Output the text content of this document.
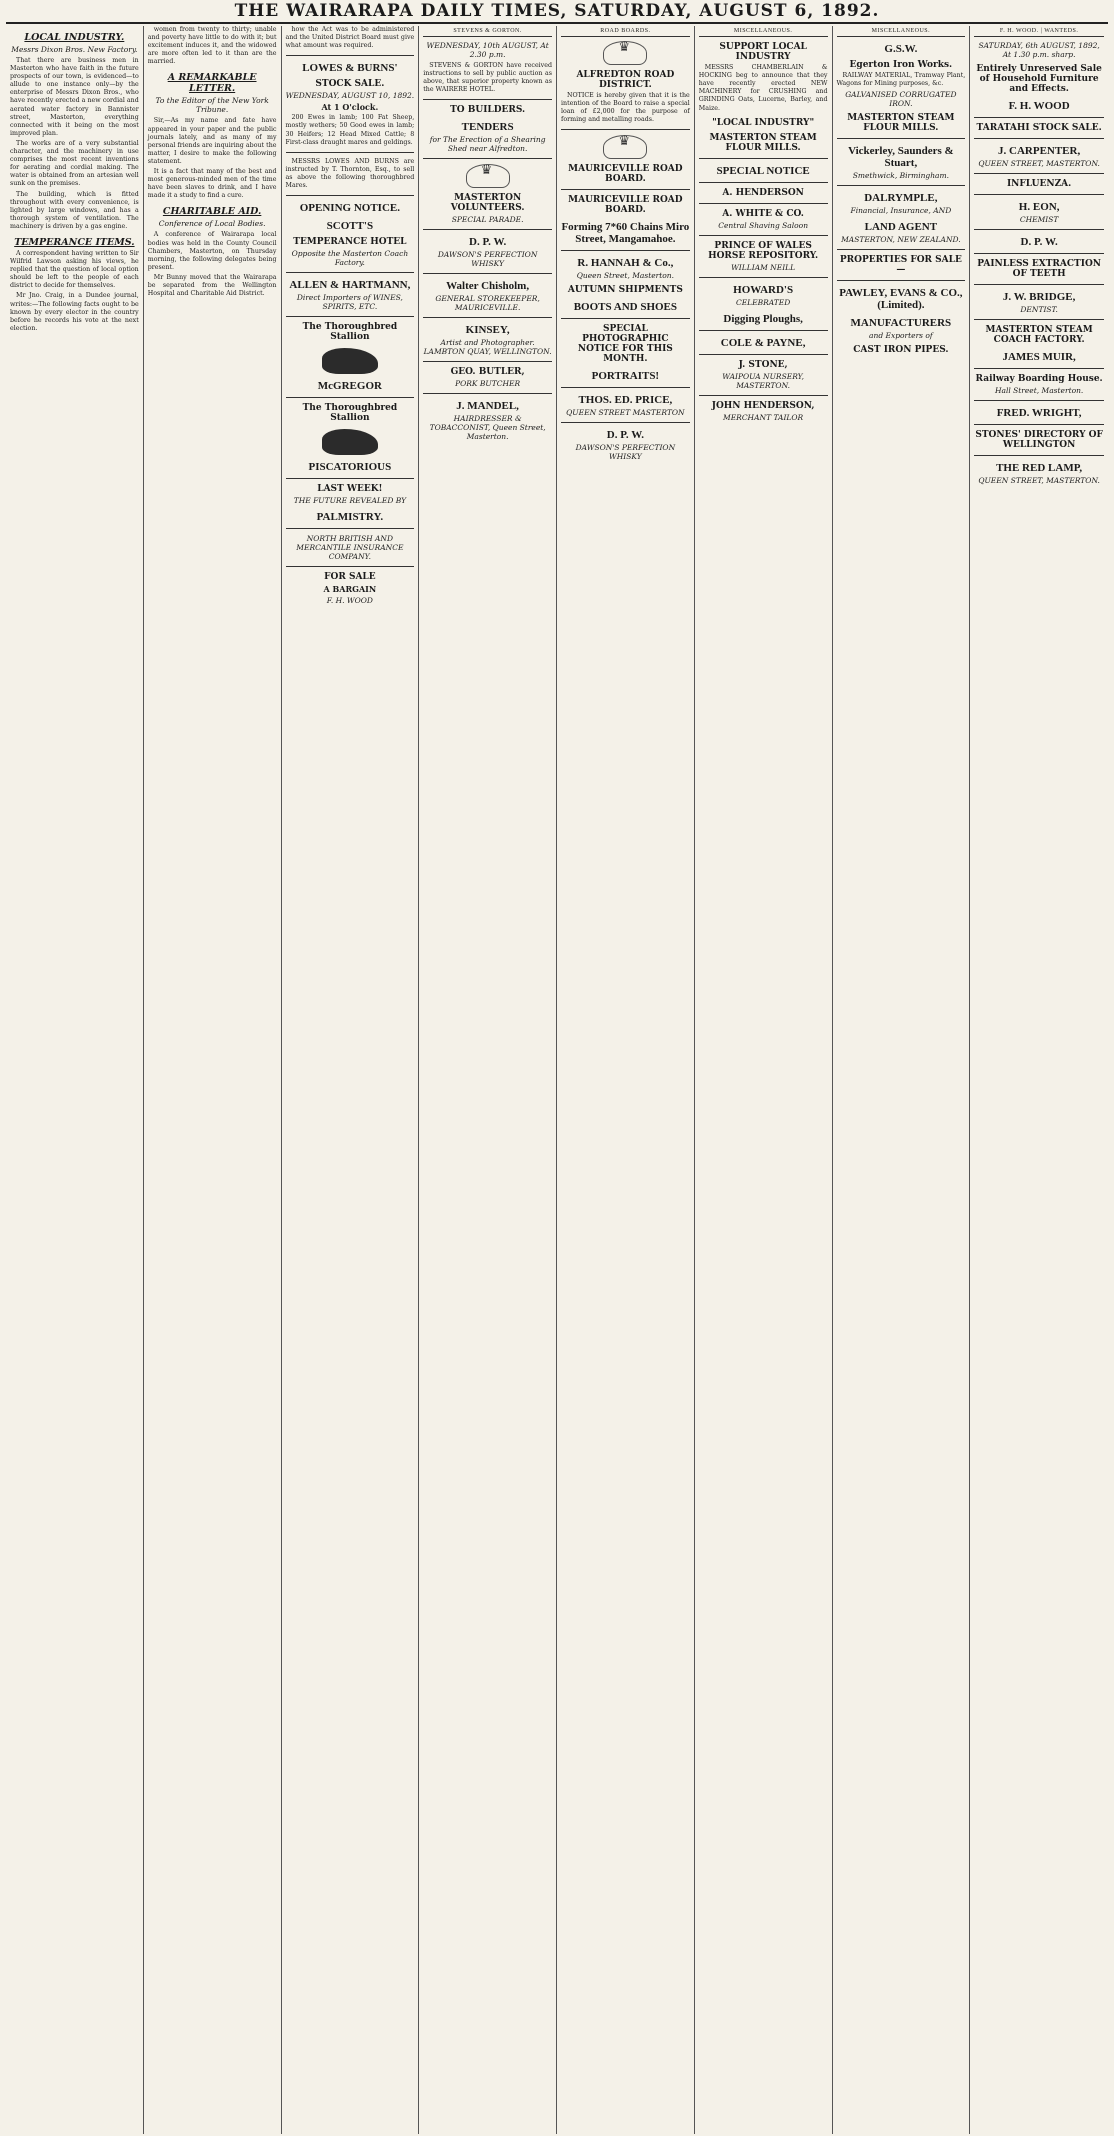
THE WAIRARAPA DAILY TIMES, SATURDAY, AUGUST 6, 1892.
LOCAL INDUSTRY.
Messrs Dixon Bros. New Factory.

That there are business men in Masterton who have faith in the future prospects of our town, is evidenced—to allude to one instance only—by the enterprise of Messrs Dixon Bros., who have recently erected a new cordial and aerated water factory in Bannister street, Masterton, everything connected with it being on the most improved plan.

The works are of a very substantial character, and the machinery in use comprises the most recent inventions for aerating and cordial making. The water is obtained from an artesian well sunk on the premises.

The building, which is fitted throughout with every convenience, is lighted by large windows, and has a thorough system of ventilation. The machinery is driven by a gas engine.

TEMPERANCE ITEMS.

A correspondent having written to Sir Wilfrid Lawson asking his views, he replied that the question of local option should be left to the people of each district to decide for themselves.

Mr Jno. Craig, in a Dundee journal, writes:—The following facts ought to be known by every elector in the country before he records his vote at the next election.

women from twenty to thirty; unable and poverty have little to do with it; but excitement induces it, and the widowed are more often led to it than are the married.

A REMARKABLE LETTER.
To the Editor of the New York Tribune.

Sir,—As my name and fate have appeared in your paper and the public journals lately, and as many of my personal friends are inquiring about the matter, I desire to make the following statement.

It is a fact that many of the best and most generous-minded men of the time have been slaves to drink, and I have made it a study to find a cure.

CHARITABLE AID.
Conference of Local Bodies.

A conference of Wairarapa local bodies was held in the County Council Chambers, Masterton, on Thursday morning, the following delegates being present.

Mr Bunny moved that the Wairarapa be separated from the Wellington Hospital and Charitable Aid District.

how the Act was to be administered and the United District Board must give what amount was required.

LOWES & BURNS'
STOCK SALE.
WEDNESDAY, AUGUST 10, 1892.
At 1 O'clock.

200 Ewes in lamb; 100 Fat Sheep, mostly wethers; 50 Good ewes in lamb; 30 Heifers; 12 Head Mixed Cattle; 8 First-class draught mares and geldings.

MESSRS LOWES AND BURNS are instructed by T. Thornton, Esq., to sell as above the following thoroughbred Mares.

OPENING NOTICE.
SCOTT'S
TEMPERANCE HOTEL
Opposite the Masterton Coach Factory.
ALLEN & HARTMANN,
Direct Importers of WINES, SPIRITS, ETC.
The Thoroughbred Stallion
McGREGOR
The Thoroughbred Stallion
PISCATORIOUS
LAST WEEK!
THE FUTURE REVEALED BY
PALMISTRY.
NORTH BRITISH AND MERCANTILE INSURANCE COMPANY.
FOR SALE
A BARGAIN
F. H. WOOD

STEVENS & GORTON.
WEDNESDAY, 10th AUGUST, At 2.30 p.m.

STEVENS & GORTON have received instructions to sell by public auction as above, that superior property known as the WAIRERE HOTEL.

TO BUILDERS.
TENDERS
for The Erection of a Shearing Shed near Alfredton.
♛
MASTERTON VOLUNTEERS.
SPECIAL PARADE.
D. P. W.
DAWSON'S PERFECTION WHISKY
Walter Chisholm,
GENERAL STOREKEEPER, MAURICEVILLE.
KINSEY,
Artist and Photographer. LAMBTON QUAY, WELLINGTON.
GEO. BUTLER,
PORK BUTCHER
J. MANDEL,
HAIRDRESSER & TOBACCONIST, Queen Street, Masterton.

ROAD BOARDS.
♛
ALFREDTON ROAD DISTRICT.

NOTICE is hereby given that it is the intention of the Board to raise a special loan of £2,000 for the purpose of forming and metalling roads.

♛
MAURICEVILLE ROAD BOARD.
MAURICEVILLE ROAD BOARD.
Forming 7*60 Chains Miro Street, Mangamahoe.
R. HANNAH & Co.,
Queen Street, Masterton.
AUTUMN SHIPMENTS
BOOTS AND SHOES
SPECIAL PHOTOGRAPHIC NOTICE FOR THIS MONTH.
PORTRAITS!
THOS. ED. PRICE,
QUEEN STREET MASTERTON
D. P. W.
DAWSON'S PERFECTION WHISKY

MISCELLANEOUS.
SUPPORT LOCAL INDUSTRY

MESSRS CHAMBERLAIN & HOCKING beg to announce that they have recently erected NEW MACHINERY for CRUSHING and GRINDING Oats, Lucerne, Barley, and Maize.

"LOCAL INDUSTRY"
MASTERTON STEAM FLOUR MILLS.
SPECIAL NOTICE
A. HENDERSON
A. WHITE & CO.
Central Shaving Saloon
PRINCE OF WALES HORSE REPOSITORY.
WILLIAM NEILL
HOWARD'S
CELEBRATED
Digging Ploughs,
COLE & PAYNE,
J. STONE,
WAIPOUA NURSERY, MASTERTON.
JOHN HENDERSON,
MERCHANT TAILOR

MISCELLANEOUS.
G.S.W.
Egerton Iron Works.

RAILWAY MATERIAL, Tramway Plant, Wagons for Mining purposes, &c.

GALVANISED CORRUGATED IRON.
MASTERTON STEAM FLOUR MILLS.
Vickerley, Saunders & Stuart,
Smethwick, Birmingham.
DALRYMPLE,
Financial, Insurance, AND
LAND AGENT
MASTERTON, NEW ZEALAND.
PROPERTIES FOR SALE—
PAWLEY, EVANS & CO., (Limited).
MANUFACTURERS
and Exporters of
CAST IRON PIPES.

F. H. WOOD. | WANTEDS.
SATURDAY, 6th AUGUST, 1892, At 1.30 p.m. sharp.
Entirely Unreserved Sale of Household Furniture and Effects.
F. H. WOOD
TARATAHI STOCK SALE.
J. CARPENTER,
QUEEN STREET, MASTERTON.
INFLUENZA.
H. EON,
CHEMIST
D. P. W.
PAINLESS EXTRACTION OF TEETH
J. W. BRIDGE,
DENTIST.
MASTERTON STEAM COACH FACTORY.
JAMES MUIR,
Railway Boarding House.
Hall Street, Masterton.
FRED. WRIGHT,
STONES' DIRECTORY OF WELLINGTON
THE RED LAMP,
QUEEN STREET, MASTERTON.
